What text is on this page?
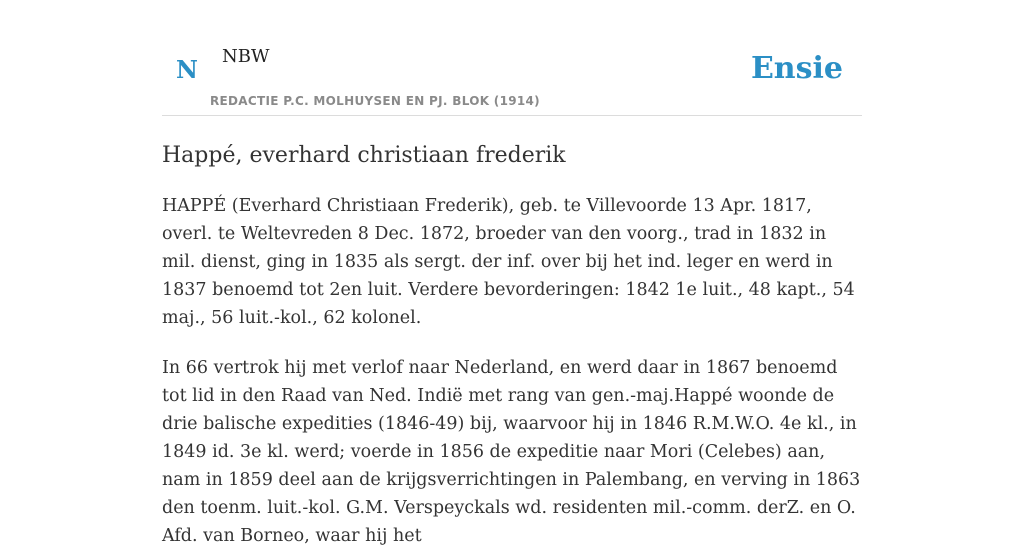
N NBW
REDACTIE P.C. MOLHUYSEN EN PJ. BLOK (1914)
Ensie
Happé, everhard christiaan frederik

HAPPÉ (Everhard Christiaan Frederik), geb. te Villevoorde 13 Apr. 1817, overl. te Weltevreden 8 Dec. 1872, broeder van den voorg., trad in 1832 in mil. dienst, ging in 1835 als sergt. der inf. over bij het ind. leger en werd in 1837 benoemd tot 2en luit. Verdere bevorderingen: 1842 1e luit., 48 kapt., 54 maj., 56 luit.-kol., 62 kolonel.

In 66 vertrok hij met verlof naar Nederland, en werd daar in 1867 benoemd tot lid in den Raad van Ned. Indië met rang van gen.-maj.Happé woonde de drie balische expedities (1846-49) bij, waarvoor hij in 1846 R.M.W.O. 4e kl., in 1849 id. 3e kl. werd; voerde in 1856 de expeditie naar Mori (Celebes) aan, nam in 1859 deel aan de krijgsverrichtingen in Palembang, en verving in 1863 den toenm. luit.-kol. G.M. Verspeyckals wd. residenten mil.-comm. derZ. en O. Afd. van Borneo, waar hij het
